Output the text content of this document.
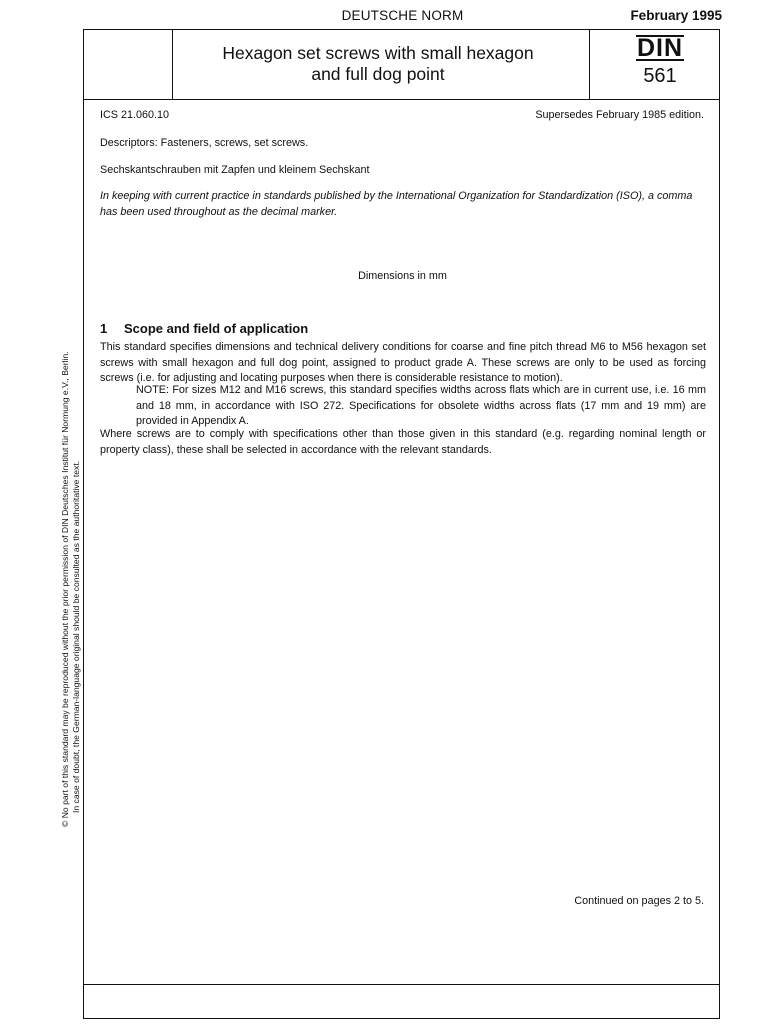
DEUTSCHE NORM	February 1995
Hexagon set screws with small hexagon
and full dog point
DIN
561
ICS 21.060.10	Supersedes February 1985 edition.
Descriptors: Fasteners, screws, set screws.
Sechskantschrauben mit Zapfen und kleinem Sechskant
In keeping with current practice in standards published by the International Organization for Standardization (ISO), a comma has been used throughout as the decimal marker.
Dimensions in mm
1 Scope and field of application
This standard specifies dimensions and technical delivery conditions for coarse and fine pitch thread M6 to M56 hexagon set screws with small hexagon and full dog point, assigned to product grade A. These screws are only to be used as forcing screws (i.e. for adjusting and locating purposes when there is considerable resistance to motion).
NOTE: For sizes M12 and M16 screws, this standard specifies widths across flats which are in current use, i.e. 16 mm and 18 mm, in accordance with ISO 272. Specifications for obsolete widths across flats (17 mm and 19 mm) are provided in Appendix A.
Where screws are to comply with specifications other than those given in this standard (e.g. regarding nominal length or property class), these shall be selected in accordance with the relevant standards.
Continued on pages 2 to 5.
© No part of this standard may be reproduced without the prior permission of DIN Deutsches Institut für Normung e.V., Berlin. In case of doubt, the German-language original should be consulted as the authoritative text.
